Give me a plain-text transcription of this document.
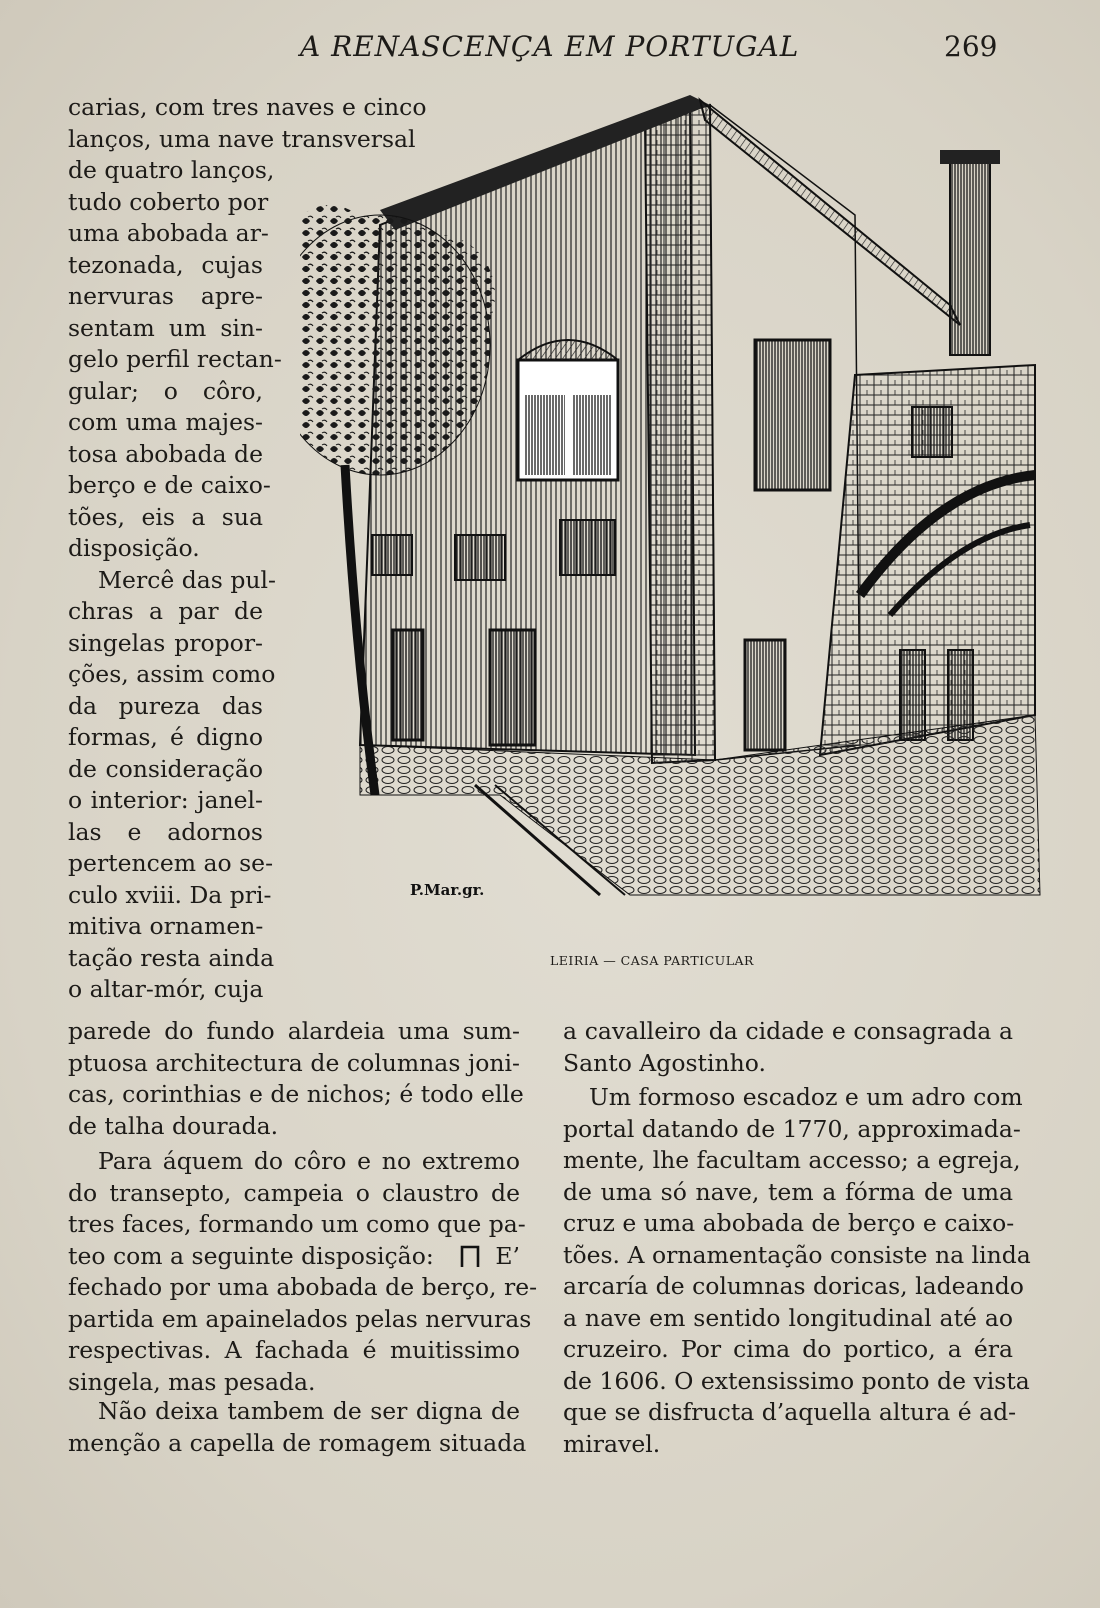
A RENASCENÇA EM PORTUGAL	269
P.Mar.gr.
LEIRIA — CASA PARTICULAR
carias, com tres naves e cinco
lanços, uma nave transversal
de quatro lanços,
tudo coberto por
uma abobada ar-
tezonada, cujas
nervuras apre-
sentam um sin-
gelo perfil rectan-
gular; o côro,
com uma majes-
tosa abobada de
berço e de caixo-
tões, eis a sua
disposição.
Mercê das pul-
chras a par de
singelas propor-
ções, assim como
da pureza das
formas, é digno
de consideração
o interior: janel-
las e adornos
pertencem ao se-
culo xviii. Da pri-
mitiva ornamen-
tação resta ainda
o altar-mór, cuja
parede do fundo alardeia uma sum-
ptuosa architectura de columnas joni-
cas, corinthias e de nichos; é todo elle
de talha dourada.
Para áquem do côro e no extremo
do transepto, campeia o claustro de
tres faces, formando um como que pa-
teo com a seguinte disposição:	E’
fechado por uma abobada de berço, re-
partida em apainelados pelas nervuras
respectivas. A fachada é muitissimo
singela, mas pesada.
Não deixa tambem de ser digna de
menção a capella de romagem situada
a cavalleiro da cidade e consagrada a
Santo Agostinho.
Um formoso escadoz e um adro com
portal datando de 1770, approximada-
mente, lhe facultam accesso; a egreja,
de uma só nave, tem a fórma de uma
cruz e uma abobada de berço e caixo-
tões. A ornamentação consiste na linda
arcaría de columnas doricas, ladeando
a nave em sentido longitudinal até ao
cruzeiro. Por cima do portico, a éra
de 1606. O extensissimo ponto de vista
que se disfructa d’aquella altura é ad-
miravel.
